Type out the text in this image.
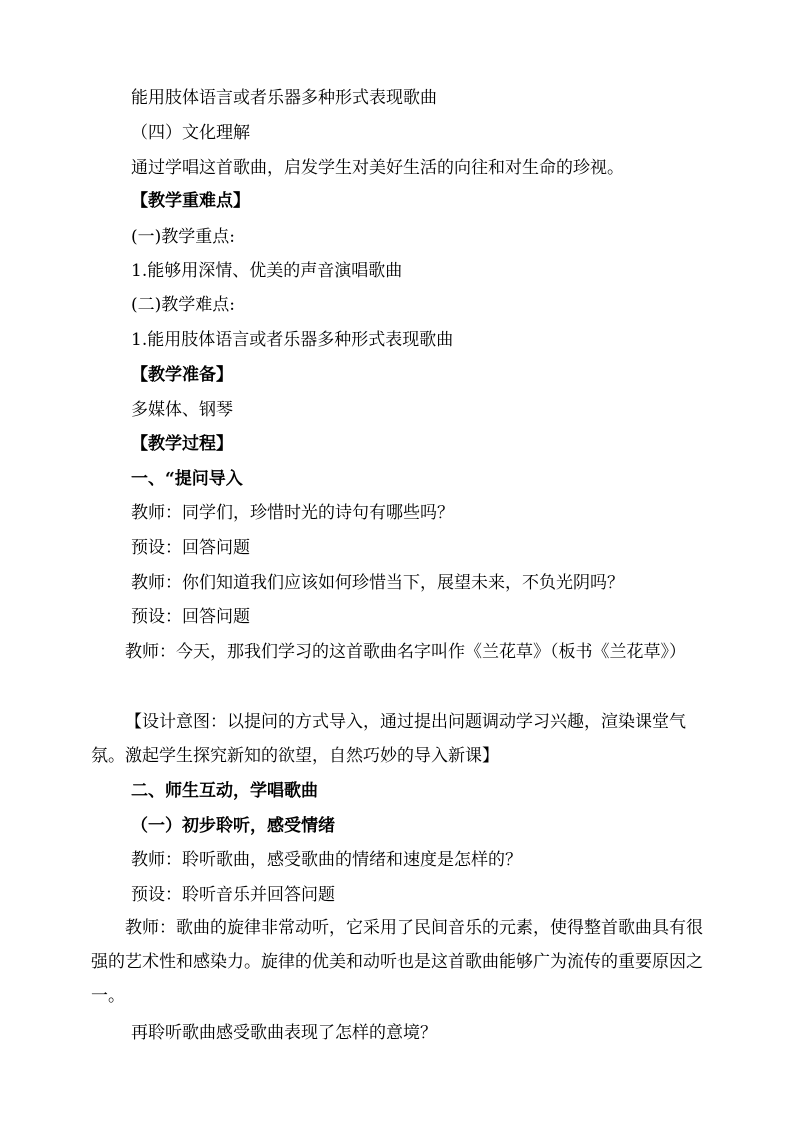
能用肢体语言或者乐器多种形式表现歌曲
（四）文化理解
通过学唱这首歌曲，启发学生对美好生活的向往和对生命的珍视。
【教学重难点】
(一)教学重点:
1.能够用深情、优美的声音演唱歌曲
(二)教学难点:
1.能用肢体语言或者乐器多种形式表现歌曲
【教学准备】
多媒体、钢琴
【教学过程】
一、“提问导入
教师：同学们，珍惜时光的诗句有哪些吗？
预设：回答问题
教师：你们知道我们应该如何珍惜当下，展望未来，不负光阴吗？
预设：回答问题
教师：今天，那我们学习的这首歌曲名字叫作《兰花草》（板书《兰花草》）
【设计意图：以提问的方式导入，通过提出问题调动学习兴趣，渲染课堂气氛。激起学生探究新知的欲望，自然巧妙的导入新课】
二、师生互动，学唱歌曲
（一）初步聆听，感受情绪
教师：聆听歌曲，感受歌曲的情绪和速度是怎样的？
预设：聆听音乐并回答问题
教师：歌曲的旋律非常动听，它采用了民间音乐的元素，使得整首歌曲具有很强的艺术性和感染力。旋律的优美和动听也是这首歌曲能够广为流传的重要原因之一。
再聆听歌曲感受歌曲表现了怎样的意境？
